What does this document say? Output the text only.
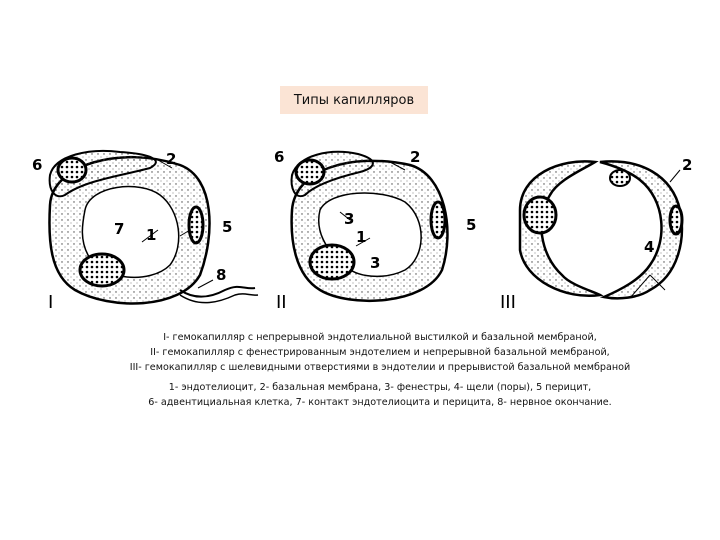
Типы капилляров
6	2
1
7	5
8
I
6	2
3
1
3
5
II
2
4
III
I- гемокапилляр с непрерывной эндотелиальной выстилкой и базальной мембраной,
II- гемокапилляр с фенестрированным эндотелием и непрерывной базальной мембраной,
III- гемокапилляр с шелевидными отверстиями в эндотелии и прерывистой базальной мембраной
1- эндотелиоцит, 2- базальная мембрана, 3- фенестры, 4- щели (поры), 5 перицит,
6- адвентициальная клетка, 7- контакт эндотелиоцита и перицита, 8- нервное окончание.
